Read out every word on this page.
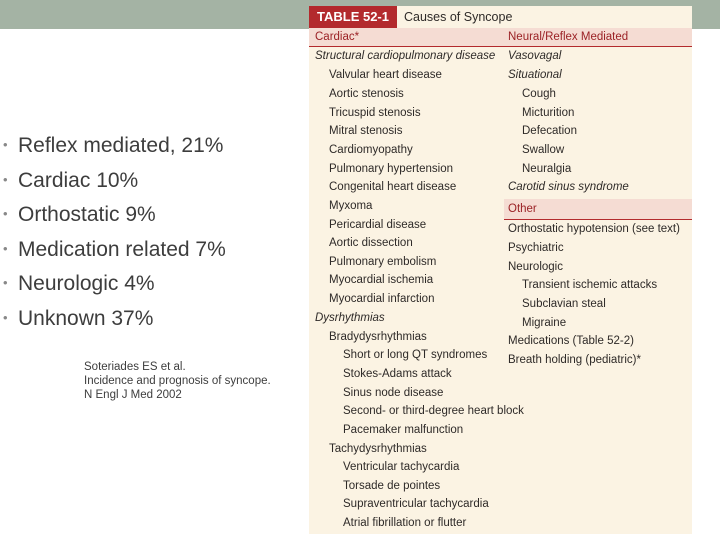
• Reflex mediated, 21%
• Cardiac 10%
• Orthostatic 9%
• Medication related 7%
• Neurologic 4%
• Unknown 37%
Soteriades ES et al.
Incidence and prognosis of syncope.
N Engl J Med 2002
TABLE 52-1	Causes of Syncope
Cardiac*	Neural/Reflex Mediated
Structural cardiopulmonary disease
Valvular heart disease
Aortic stenosis
Tricuspid stenosis
Mitral stenosis
Cardiomyopathy
Pulmonary hypertension
Congenital heart disease
Myxoma
Pericardial disease
Aortic dissection
Pulmonary embolism
Myocardial ischemia
Myocardial infarction
Dysrhythmias
Bradydysrhythmias
Short or long QT syndromes
Stokes-Adams attack
Sinus node disease
Second- or third-degree heart block
Pacemaker malfunction
Tachydysrhythmias
Ventricular tachycardia
Torsade de pointes
Supraventricular tachycardia
Atrial fibrillation or flutter
Vasovagal
Situational
Cough
Micturition
Defecation
Swallow
Neuralgia
Carotid sinus syndrome
Other
Orthostatic hypotension (see text)
Psychiatric
Neurologic
Transient ischemic attacks
Subclavian steal
Migraine
Medications (Table 52-2)
Breath holding (pediatric)*
